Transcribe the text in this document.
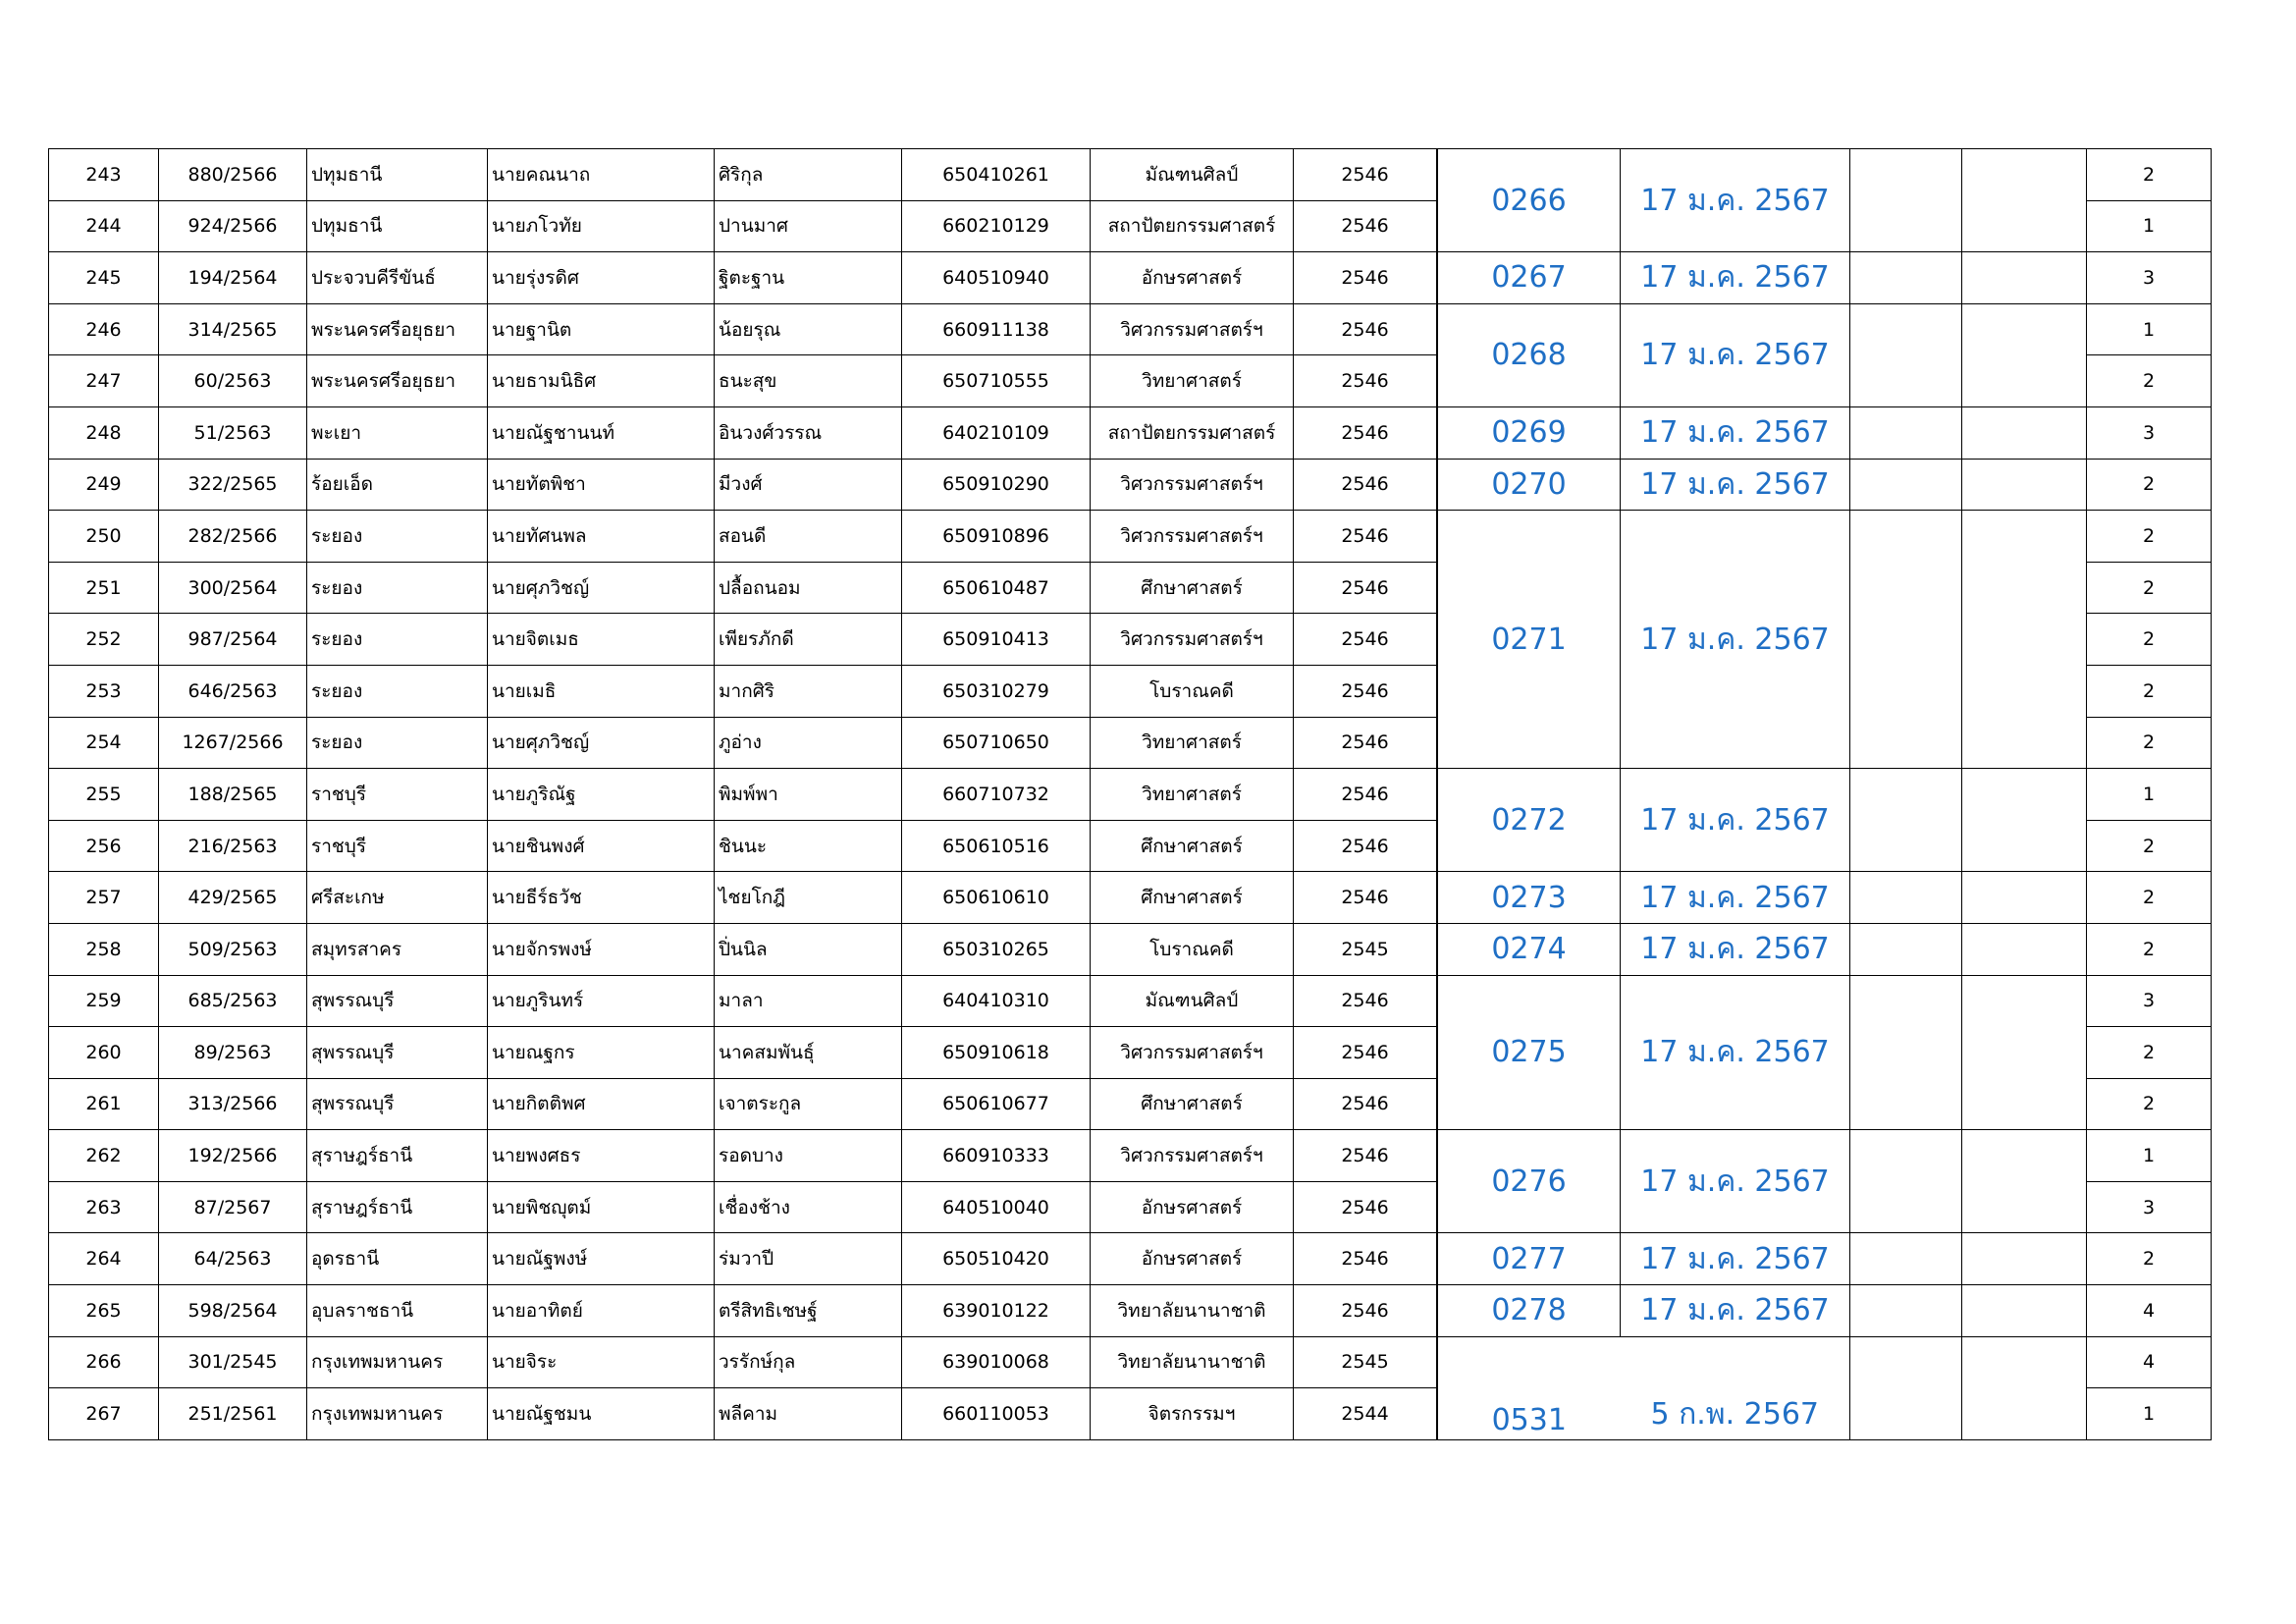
243	880/2566	ปทุมธานี	นายคณนาถ	ศิริกุล	650410261	มัณฑนศิลป์	2546	0266	17 ม.ค. 2567			2
244	924/2566	ปทุมธานี	นายภโวทัย	ปานมาศ	660210129	สถาปัตยกรรมศาสตร์	2546					1
245	194/2564	ประจวบคีรีขันธ์	นายรุ่งรดิศ	ฐิตะฐาน	640510940	อักษรศาสตร์	2546	0267	17 ม.ค. 2567			3
246	314/2565	พระนครศรีอยุธยา	นายฐานิต	น้อยรุณ	660911138	วิศวกรรมศาสตร์ฯ	2546	0268	17 ม.ค. 2567			1
247	60/2563	พระนครศรีอยุธยา	นายธามนิธิศ	ธนะสุข	650710555	วิทยาศาสตร์	2546					2
248	51/2563	พะเยา	นายณัฐชานนท์	อินวงศ์วรรณ	640210109	สถาปัตยกรรมศาสตร์	2546	0269	17 ม.ค. 2567			3
249	322/2565	ร้อยเอ็ด	นายทัตพิชา	มีวงศ์	650910290	วิศวกรรมศาสตร์ฯ	2546	0270	17 ม.ค. 2567			2
250	282/2566	ระยอง	นายทัศนพล	สอนดี	650910896	วิศวกรรมศาสตร์ฯ	2546	0271	17 ม.ค. 2567			2
251	300/2564	ระยอง	นายศุภวิชญ์	ปลื้อถนอม	650610487	ศึกษาศาสตร์	2546					2
252	987/2564	ระยอง	นายจิตเมธ	เพียรภักดี	650910413	วิศวกรรมศาสตร์ฯ	2546					2
253	646/2563	ระยอง	นายเมธิ	มากศิริ	650310279	โบราณคดี	2546					2
254	1267/2566	ระยอง	นายศุภวิชญ์	ภูอ่าง	650710650	วิทยาศาสตร์	2546					2
255	188/2565	ราชบุรี	นายภูริณัฐ	พิมพ์พา	660710732	วิทยาศาสตร์	2546	0272	17 ม.ค. 2567			1
256	216/2563	ราชบุรี	นายชินพงศ์	ชินนะ	650610516	ศึกษาศาสตร์	2546					2
257	429/2565	ศรีสะเกษ	นายธีร์ธวัช	ไชยโกฎี	650610610	ศึกษาศาสตร์	2546	0273	17 ม.ค. 2567			2
258	509/2563	สมุทรสาคร	นายจักรพงษ์	ปิ่นนิล	650310265	โบราณคดี	2545	0274	17 ม.ค. 2567			2
259	685/2563	สุพรรณบุรี	นายภูรินทร์	มาลา	640410310	มัณฑนศิลป์	2546	0275	17 ม.ค. 2567			3
260	89/2563	สุพรรณบุรี	นายณฐกร	นาคสมพันธุ์	650910618	วิศวกรรมศาสตร์ฯ	2546					2
261	313/2566	สุพรรณบุรี	นายกิตติพศ	เจาตระกูล	650610677	ศึกษาศาสตร์	2546					2
262	192/2566	สุราษฎร์ธานี	นายพงศธร	รอดบาง	660910333	วิศวกรรมศาสตร์ฯ	2546	0276	17 ม.ค. 2567			1
263	87/2567	สุราษฎร์ธานี	นายพิชญุตม์	เชื่องช้าง	640510040	อักษรศาสตร์	2546					3
264	64/2563	อุดรธานี	นายณัฐพงษ์	ร่มวาปี	650510420	อักษรศาสตร์	2546	0277	17 ม.ค. 2567			2
265	598/2564	อุบลราชธานี	นายอาทิตย์	ตรีสิทธิเชษฐ์	639010122	วิทยาลัยนานาชาติ	2546	0278	17 ม.ค. 2567			4
266	301/2545	กรุงเทพมหานคร	นายจิระ	วรรักษ์กุล	639010068	วิทยาลัยนานาชาติ	2545	0531	5 ก.พ. 2567			4
267	251/2561	กรุงเทพมหานคร	นายณัฐชมน	พลีคาม	660110053	จิตรกรรมฯ	2544					1
